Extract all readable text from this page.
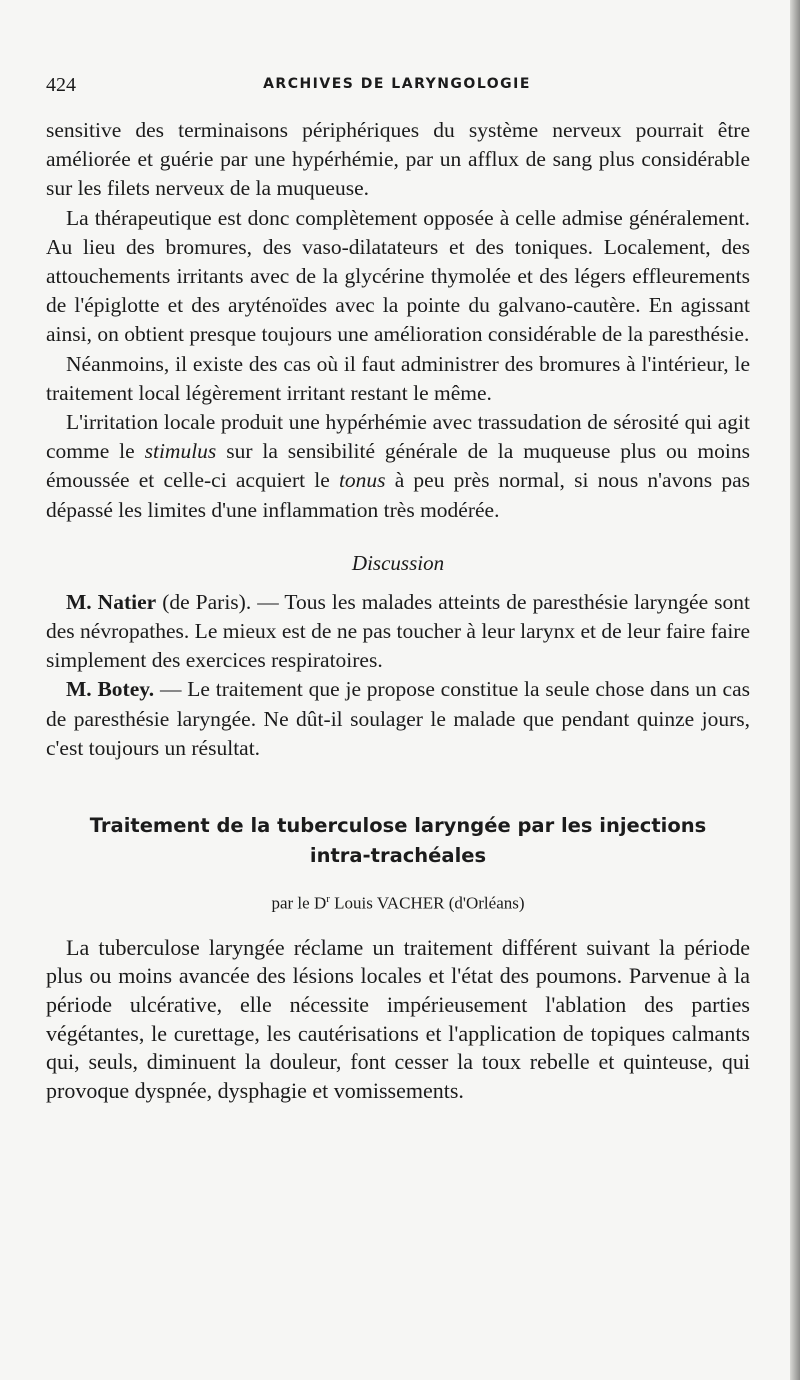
424	ARCHIVES DE LARYNGOLOGIE

sensitive des terminaisons périphériques du système nerveux pourrait être améliorée et guérie par une hypérhémie, par un afflux de sang plus considérable sur les filets nerveux de la muqueuse.

La thérapeutique est donc complètement opposée à celle admise généralement. Au lieu des bromures, des vaso-dilatateurs et des toniques. Localement, des attouchements irritants avec de la glycérine thymolée et des légers effleurements de l'épiglotte et des aryténoïdes avec la pointe du galvano-cautère. En agissant ainsi, on obtient presque toujours une amélioration considérable de la paresthésie.

Néanmoins, il existe des cas où il faut administrer des bromures à l'intérieur, le traitement local légèrement irritant restant le même.

L'irritation locale produit une hypérhémie avec trassudation de sérosité qui agit comme le stimulus sur la sensibilité générale de la muqueuse plus ou moins émoussée et celle-ci acquiert le tonus à peu près normal, si nous n'avons pas dépassé les limites d'une inflammation très modérée.

Discussion

M. Natier (de Paris). — Tous les malades atteints de paresthésie laryngée sont des névropathes. Le mieux est de ne pas toucher à leur larynx et de leur faire faire simplement des exercices respiratoires.

M. Botey. — Le traitement que je propose constitue la seule chose dans un cas de paresthésie laryngée. Ne dût-il soulager le malade que pendant quinze jours, c'est toujours un résultat.

Traitement de la tuberculose laryngée par les injections
intra-trachéales
par le $D^r$ Louis VACHER (d'Orléans)

La tuberculose laryngée réclame un traitement différent suivant la période plus ou moins avancée des lésions locales et l'état des poumons. Parvenue à la période ulcérative, elle nécessite impérieusement l'ablation des parties végétantes, le curettage, les cautérisations et l'application de topiques calmants qui, seuls, diminuent la douleur, font cesser la toux rebelle et quinteuse, qui provoque dyspnée, dysphagie et vomissements.
